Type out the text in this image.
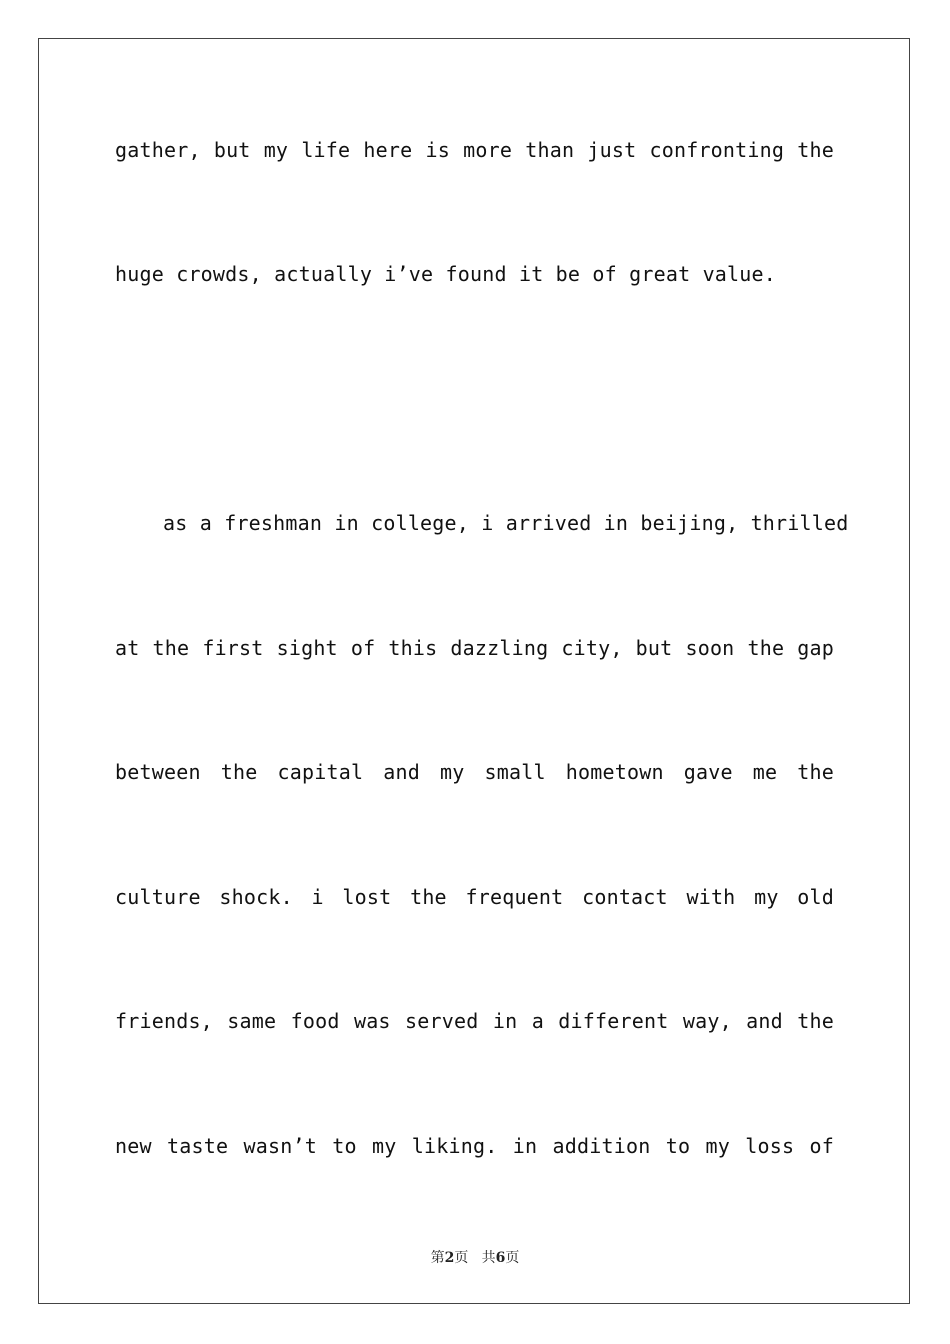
gather, but my life here is more than just confronting the
huge crowds, actually i’ve found it be of great value.
as a freshman in college, i arrived in beijing, thrilled
at the first sight of this dazzling city, but soon the gap
between the capital and my small hometown gave me the
culture shock. i lost the frequent contact with my old
friends, same food was served in a different way, and the
new taste wasn’t to my liking. in addition to my loss of
第2页 共6页
